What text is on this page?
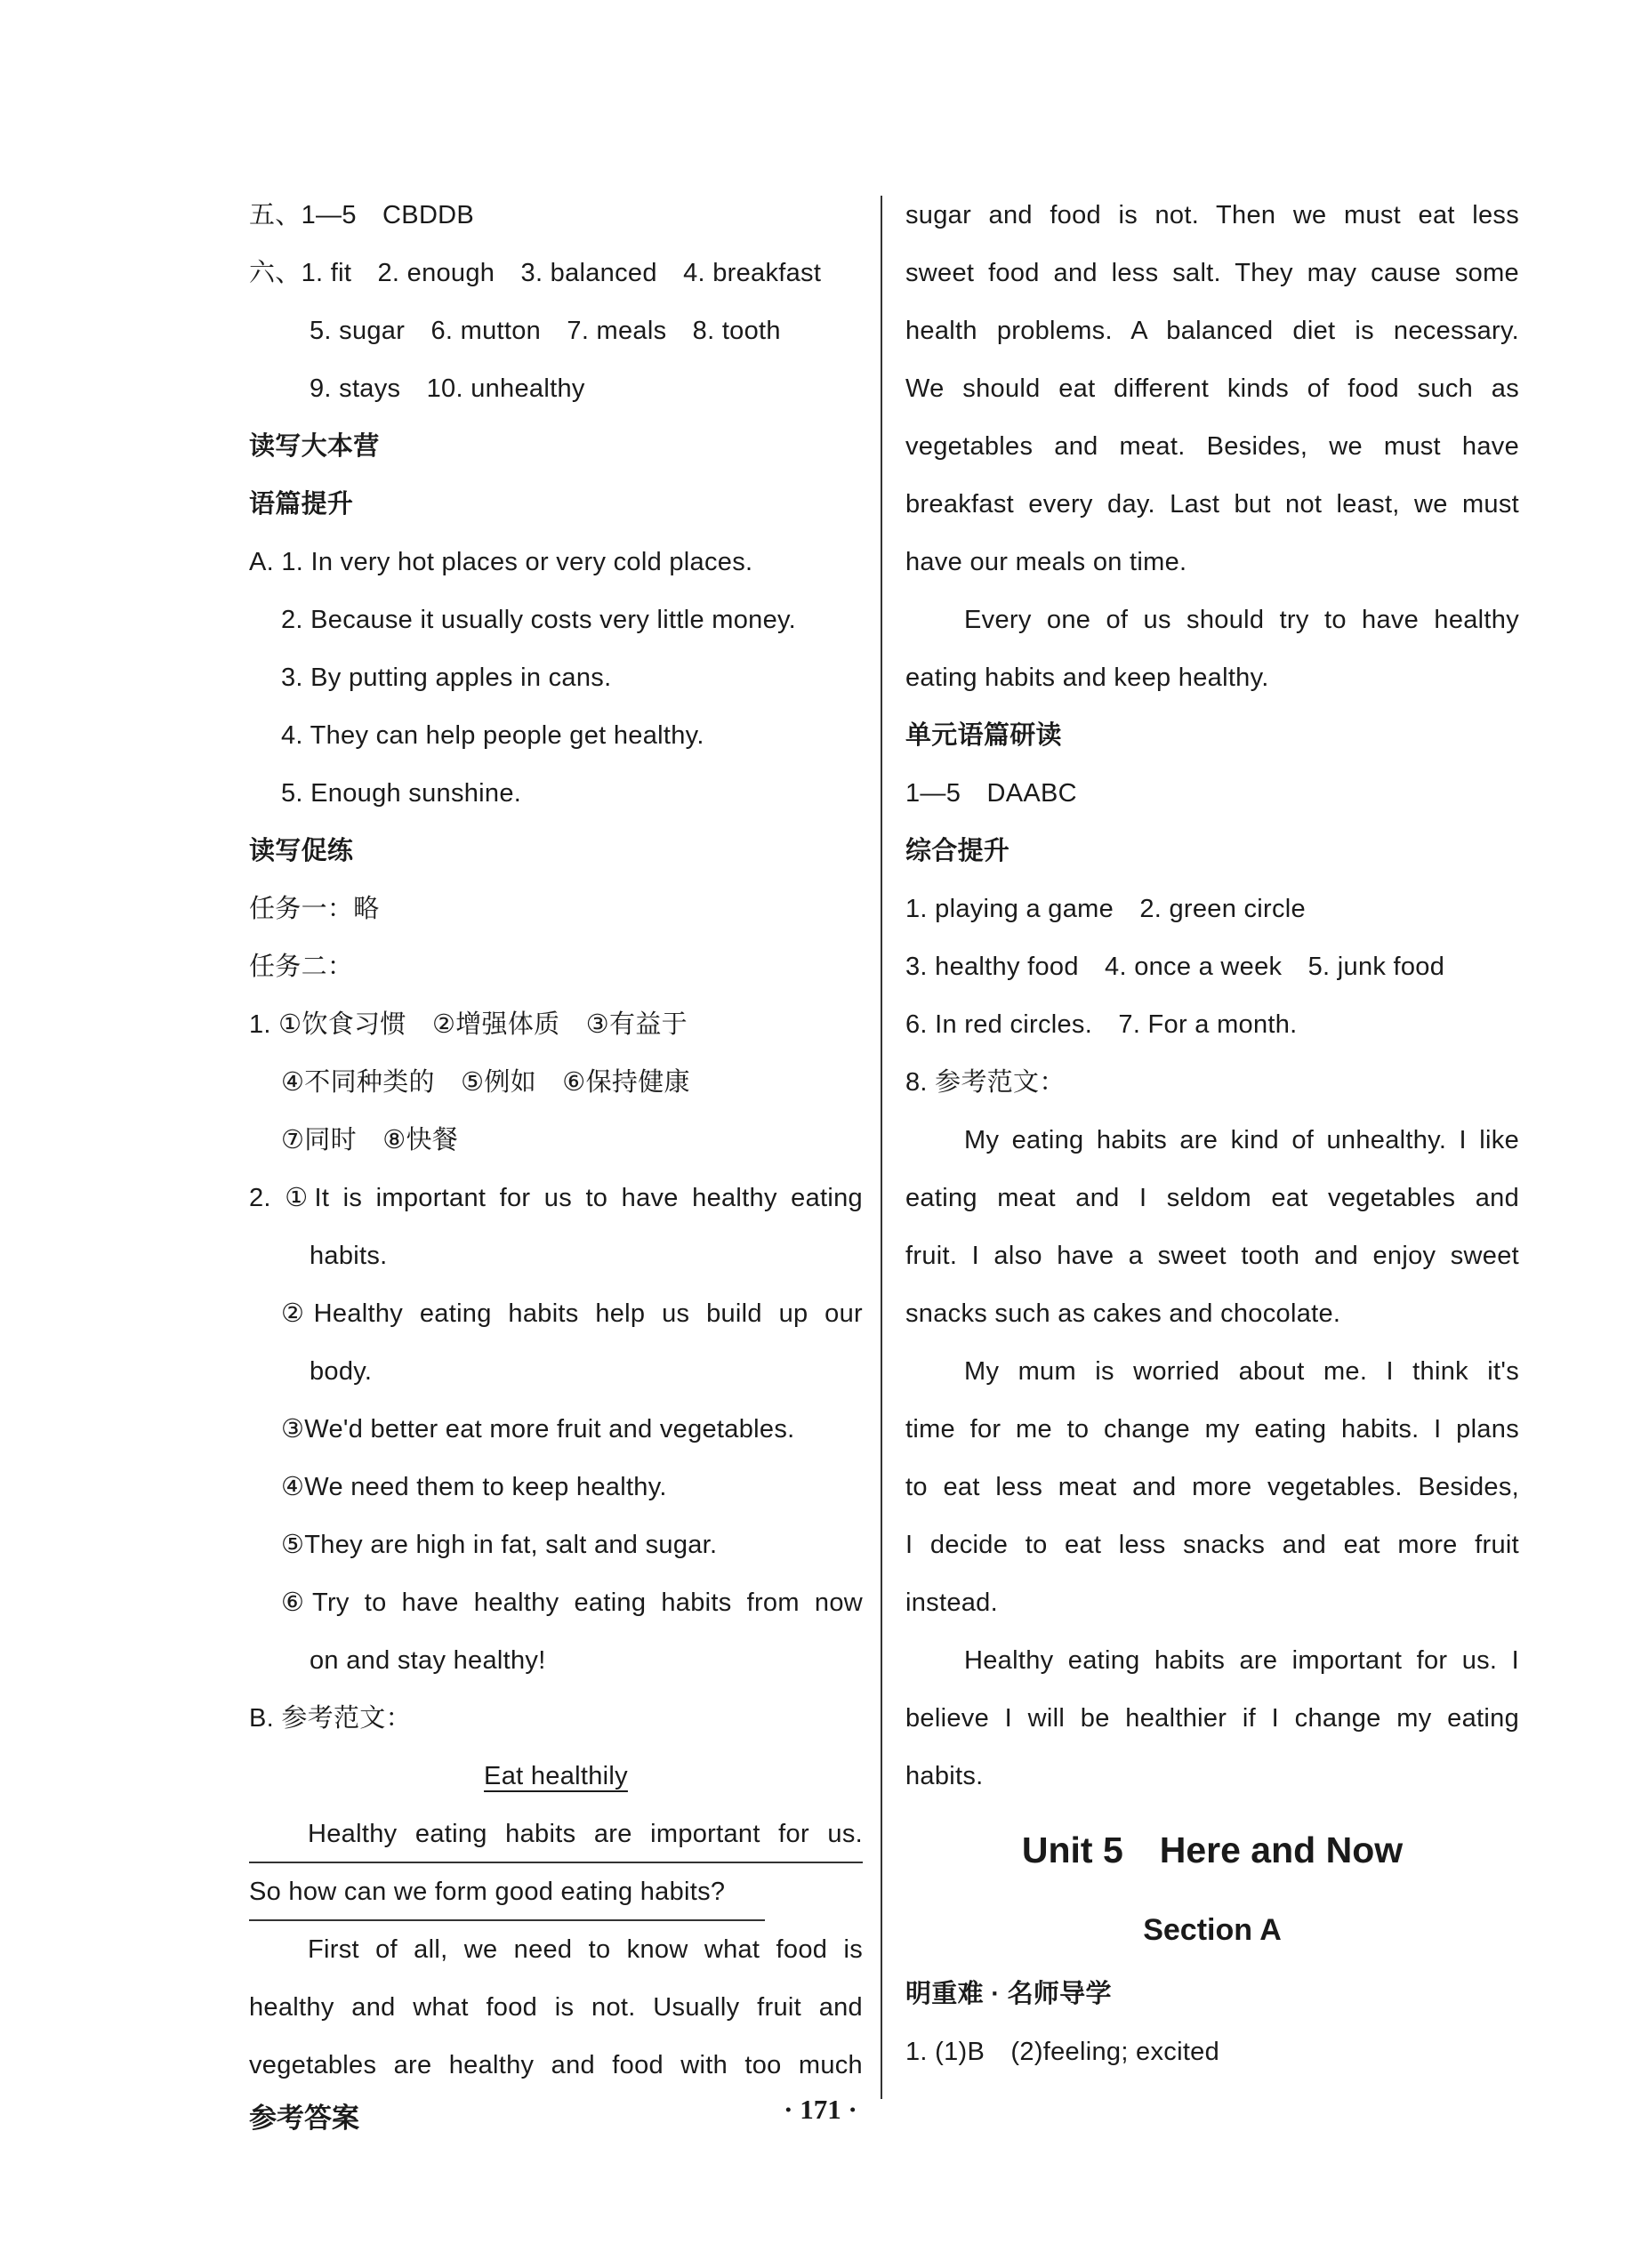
五、1—5　CBDDB
六、1. fit　2. enough　3. balanced　4. breakfast
5. sugar　6. mutton　7. meals　8. tooth
9. stays　10. unhealthy
读写大本营
语篇提升
A. 1. In very hot places or very cold places.
2. Because it usually costs very little money.
3. By putting apples in cans.
4. They can help people get healthy.
5. Enough sunshine.
读写促练
任务一：略
任务二：
1. ①饮食习惯　②增强体质　③有益于
④不同种类的　⑤例如　⑥保持健康
⑦同时　⑧快餐
2. ①It is important for us to have healthy eating
habits.
②Healthy eating habits help us build up our
body.
③We'd better eat more fruit and vegetables.
④We need them to keep healthy.
⑤They are high in fat, salt and sugar.
⑥Try to have healthy eating habits from now
on and stay healthy!
B. 参考范文：
Eat healthily
Healthy eating habits are important for us.
So how can we form good eating habits?
First of all, we need to know what food is
healthy and what food is not. Usually fruit and
vegetables are healthy and food with too much
sugar and food is not. Then we must eat less
sweet food and less salt. They may cause some
health problems. A balanced diet is necessary.
We should eat different kinds of food such as
vegetables and meat. Besides, we must have
breakfast every day. Last but not least, we must
have our meals on time.
Every one of us should try to have healthy
eating habits and keep healthy.
单元语篇研读
1—5　DAABC
综合提升
1. playing a game　2. green circle
3. healthy food　4. once a week　5. junk food
6. In red circles.　7. For a month.
8. 参考范文：
My eating habits are kind of unhealthy. I like
eating meat and I seldom eat vegetables and
fruit. I also have a sweet tooth and enjoy sweet
snacks such as cakes and chocolate.
My mum is worried about me. I think it's
time for me to change my eating habits. I plans
to eat less meat and more vegetables. Besides,
I decide to eat less snacks and eat more fruit
instead.
Healthy eating habits are important for us. I
believe I will be healthier if I change my eating
habits.
Unit 5　Here and Now
Section A
明重难 · 名师导学
1. (1)B　(2)feeling; excited
参考答案	· 171 ·
